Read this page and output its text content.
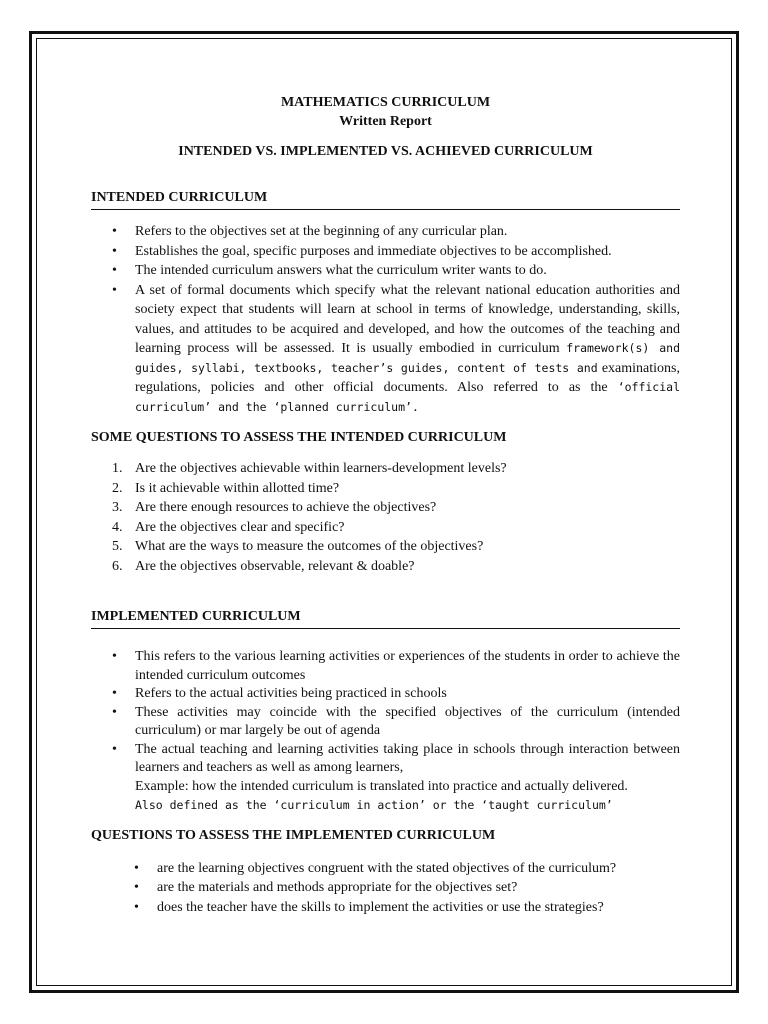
MATHEMATICS CURRICULUM
Written Report
INTENDED VS. IMPLEMENTED VS. ACHIEVED CURRICULUM
INTENDED CURRICULUM
• Refers to the objectives set at the beginning of any curricular plan.
• Establishes the goal, specific purposes and immediate objectives to be accomplished.
• The intended curriculum answers what the curriculum writer wants to do.
• A set of formal documents which specify what the relevant national education authorities and society expect that students will learn at school in terms of knowledge, understanding, skills, values, and attitudes to be acquired and developed, and how the outcomes of the teaching and learning process will be assessed. It is usually embodied in curriculum framework(s) and guides, syllabi, textbooks, teacher’s guides, content of tests and examinations, regulations, policies and other official documents. Also referred to as the ‘official curriculum’ and the ‘planned curriculum’.
SOME QUESTIONS TO ASSESS THE INTENDED CURRICULUM
1. Are the objectives achievable within learners-development levels?
2. Is it achievable within allotted time?
3. Are there enough resources to achieve the objectives?
4. Are the objectives clear and specific?
5. What are the ways to measure the outcomes of the objectives?
6. Are the objectives observable, relevant & doable?
IMPLEMENTED CURRICULUM
• This refers to the various learning activities or experiences of the students in order to achieve the intended curriculum outcomes
• Refers to the actual activities being practiced in schools
• These activities may coincide with the specified objectives of the curriculum (intended curriculum) or mar largely be out of agenda
• The actual teaching and learning activities taking place in schools through interaction between learners and teachers as well as among learners,
Example: how the intended curriculum is translated into practice and actually delivered.
Also defined as the ‘curriculum in action’ or the ‘taught curriculum’
QUESTIONS TO ASSESS THE IMPLEMENTED CURRICULUM
• are the learning objectives congruent with the stated objectives of the curriculum?
• are the materials and methods appropriate for the objectives set?
• does the teacher have the skills to implement the activities or use the strategies?
